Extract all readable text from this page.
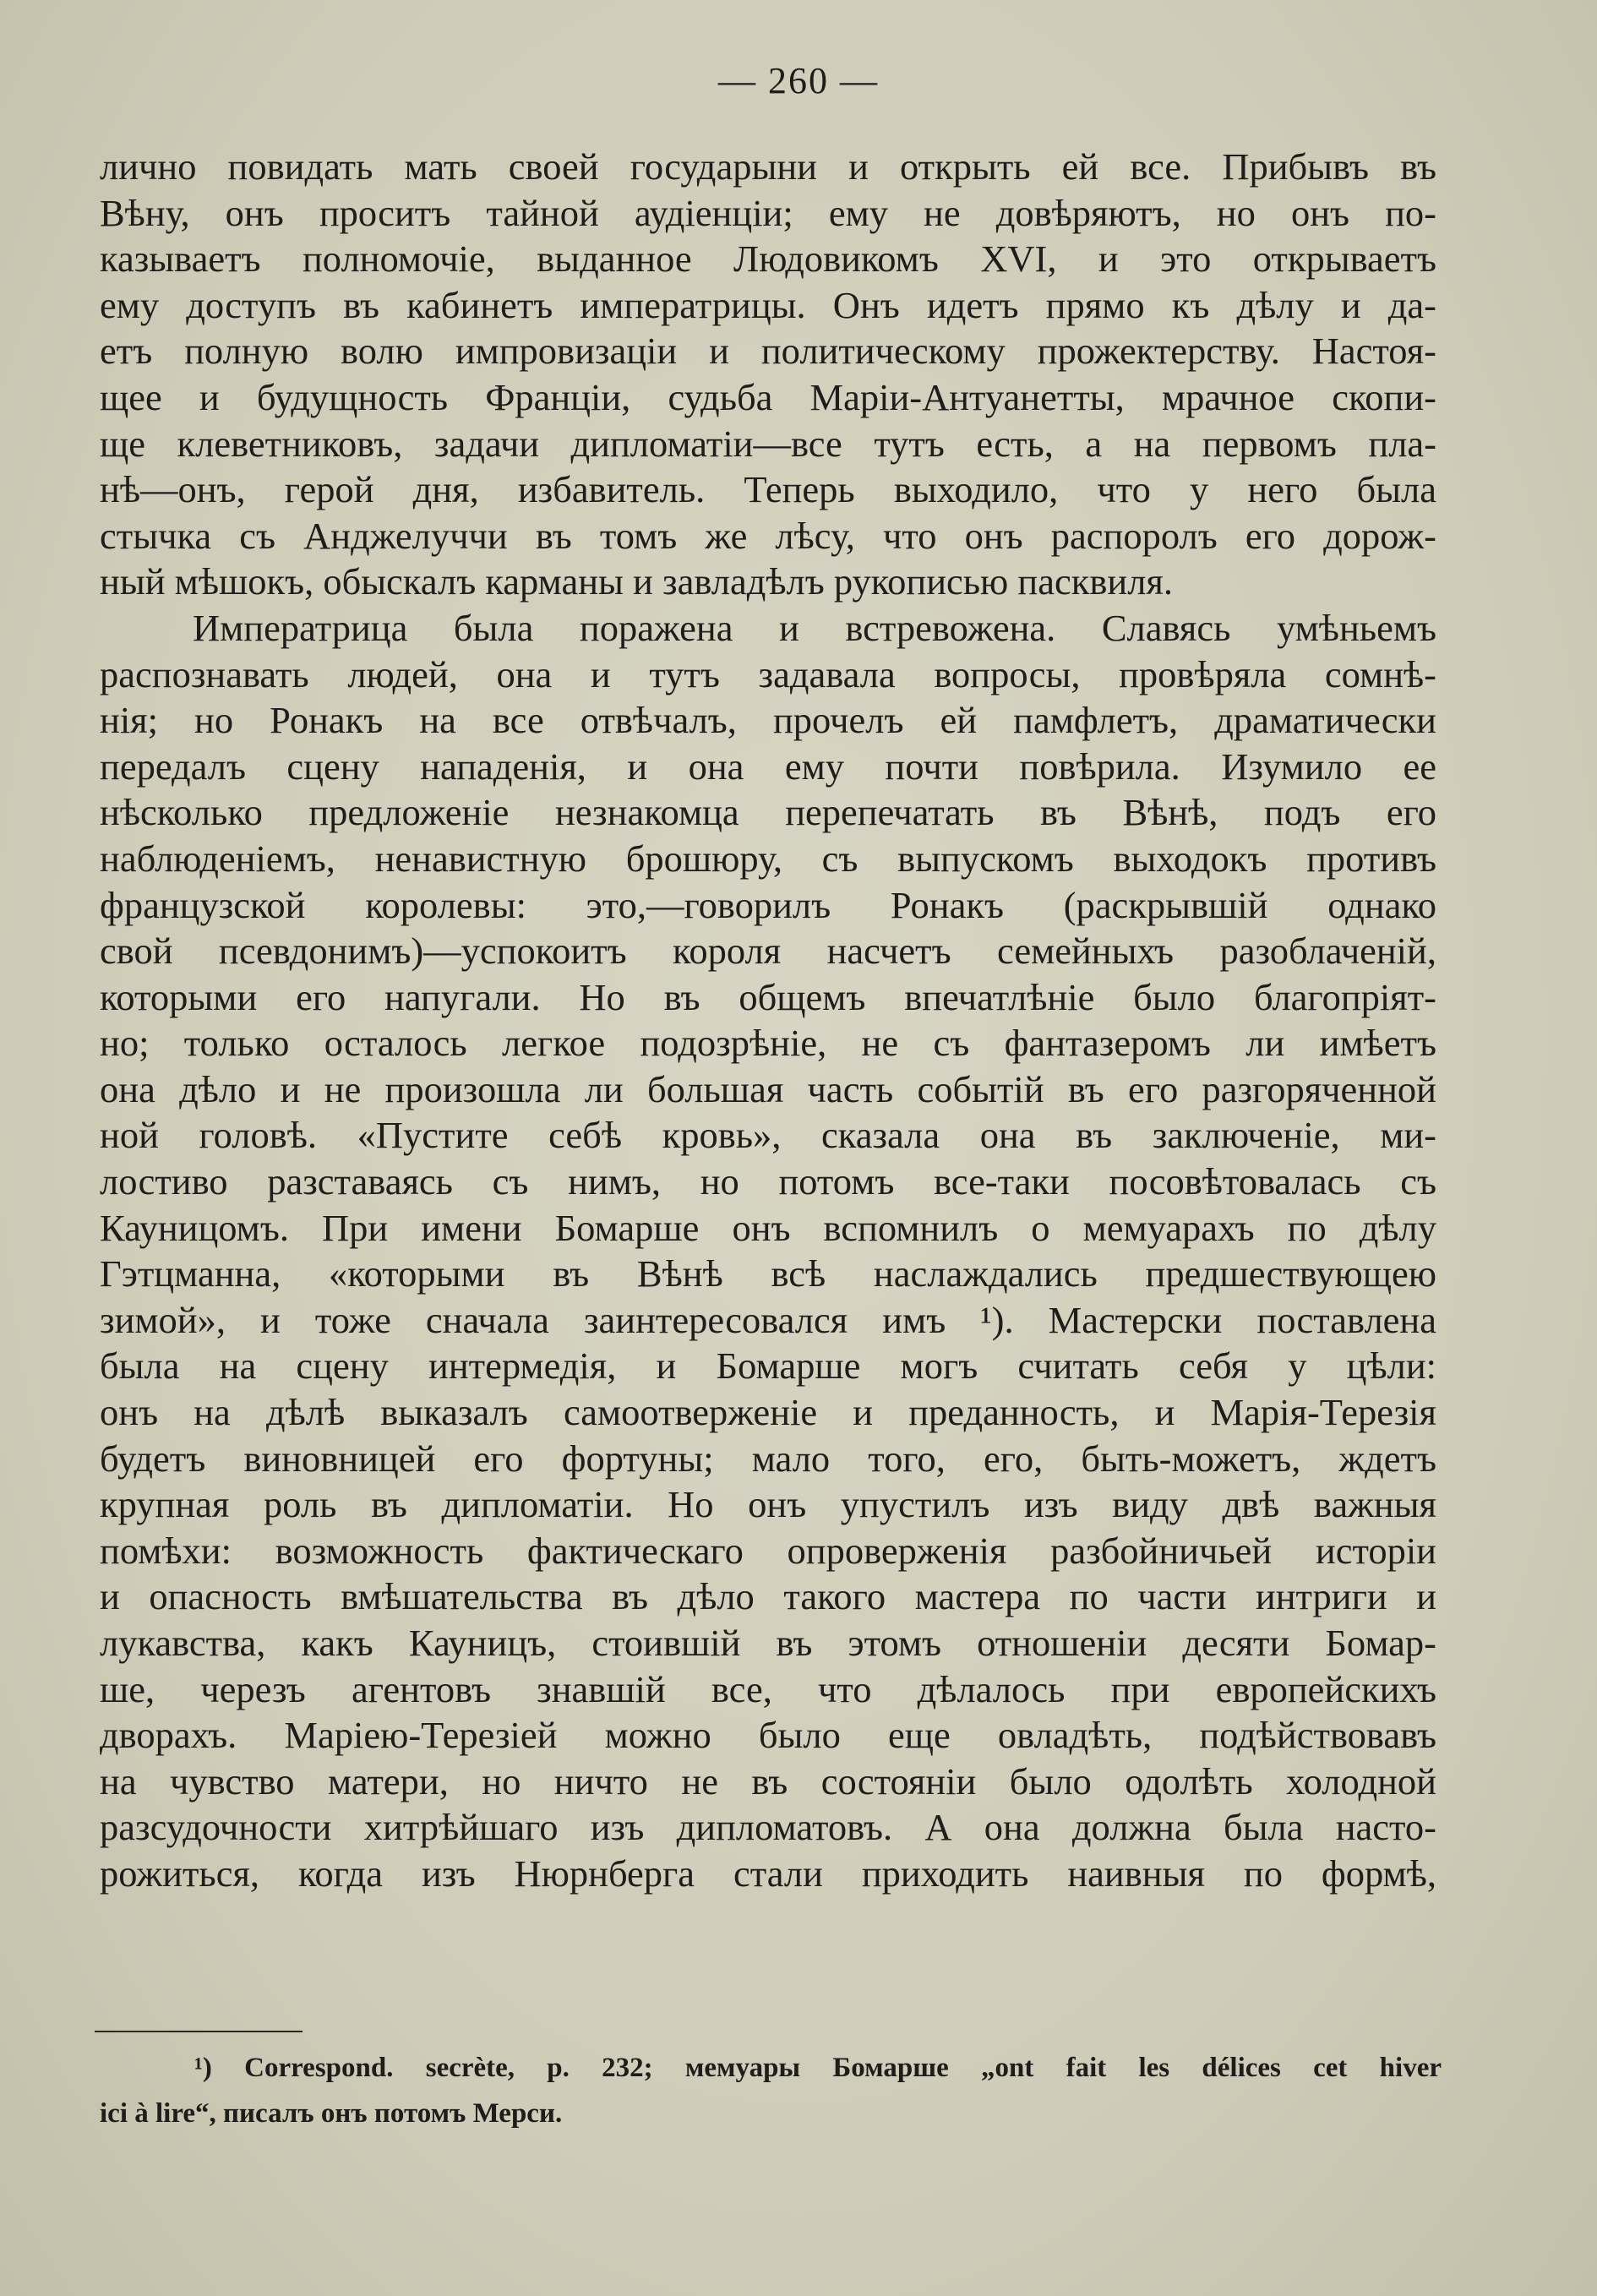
— 260 —
лично повидать мать своей государыни и открыть ей все. Прибывъ въ
Вѣну, онъ проситъ тайной аудіенціи; ему не довѣряютъ, но онъ по-
казываетъ полномочіе, выданное Людовикомъ XVI, и это открываетъ
ему доступъ въ кабинетъ императрицы. Онъ идетъ прямо къ дѣлу и да-
етъ полную волю импровизаціи и политическому прожектерству. Настоя-
щее и будущность Франціи, судьба Маріи-Антуанетты, мрачное скопи-
ще клеветниковъ, задачи дипломатіи—все тутъ есть, а на первомъ пла-
нѣ—онъ, герой дня, избавитель. Теперь выходило, что у него была
стычка съ Анджелуччи въ томъ же лѣсу, что онъ распоролъ его дорож-
ный мѣшокъ, обыскалъ карманы и завладѣлъ рукописью пасквиля.
Императрица была поражена и встревожена. Славясь умѣньемъ
распознавать людей, она и тутъ задавала вопросы, провѣряла сомнѣ-
нія; но Ронакъ на все отвѣчалъ, прочелъ ей памфлетъ, драматически
передалъ сцену нападенія, и она ему почти повѣрила. Изумило ее
нѣсколько предложеніе незнакомца перепечатать въ Вѣнѣ, подъ его
наблюденіемъ, ненавистную брошюру, съ выпускомъ выходокъ противъ
французской королевы: это,—говорилъ Ронакъ (раскрывшій однако
свой псевдонимъ)—успокоитъ короля насчетъ семейныхъ разоблаченій,
которыми его напугали. Но въ общемъ впечатлѣніе было благопріят-
но; только осталось легкое подозрѣніе, не съ фантазеромъ ли имѣетъ
она дѣло и не произошла ли большая часть событій въ его разгоряченной
ной головѣ. «Пустите себѣ кровь», сказала она въ заключеніе, ми-
лостиво разставаясь съ нимъ, но потомъ все-таки посовѣтовалась съ
Кауницомъ. При имени Бомарше онъ вспомнилъ о мемуарахъ по дѣлу
Гэтцманна, «которыми въ Вѣнѣ всѣ наслаждались предшествующею
зимой», и тоже сначала заинтересовался имъ ¹). Мастерски поставлена
была на сцену интермедія, и Бомарше могъ считать себя у цѣли:
онъ на дѣлѣ выказалъ самоотверженіе и преданность, и Марія-Терезія
будетъ виновницей его фортуны; мало того, его, быть-можетъ, ждетъ
крупная роль въ дипломатіи. Но онъ упустилъ изъ виду двѣ важныя
помѣхи: возможность фактическаго опроверженія разбойничьей исторіи
и опасность вмѣшательства въ дѣло такого мастера по части интриги и
лукавства, какъ Кауницъ, стоившій въ этомъ отношеніи десяти Бомар-
ше, черезъ агентовъ знавшій все, что дѣлалось при европейскихъ
дворахъ. Маріею-Терезіей можно было еще овладѣть, подѣйствовавъ
на чувство матери, но ничто не въ состояніи было одолѣть холодной
разсудочности хитрѣйшаго изъ дипломатовъ. А она должна была насто-
рожиться, когда изъ Нюрнберга стали приходить наивныя по формѣ,
¹) Correspond. secrète, p. 232; мемуары Бомарше „ont fait les délices cet hiver
ici à lire“, писалъ онъ потомъ Мерси.
